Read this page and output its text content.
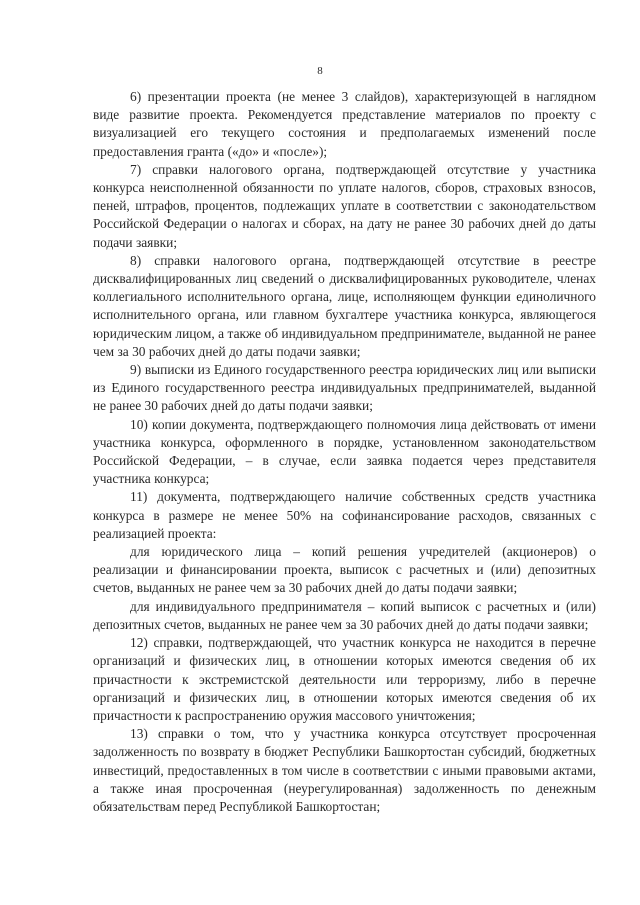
8

6) презентации проекта (не менее 3 слайдов), характеризующей в наглядном виде развитие проекта. Рекомендуется представление материалов по проекту с визуализацией его текущего состояния и предполагаемых изменений после предоставления гранта («до» и «после»);

7) справки налогового органа, подтверждающей отсутствие у участника конкурса неисполненной обязанности по уплате налогов, сборов, страховых взносов, пеней, штрафов, процентов, подлежащих уплате в соответствии с законодательством Российской Федерации о налогах и сборах, на дату не ранее 30 рабочих дней до даты подачи заявки;

8) справки налогового органа, подтверждающей отсутствие в реестре дисквалифицированных лиц сведений о дисквалифицированных руководителе, членах коллегиального исполнительного органа, лице, исполняющем функции единоличного исполнительного органа, или главном бухгалтере участника конкурса, являющегося юридическим лицом, а также об индивидуальном предпринимателе, выданной не ранее чем за 30 рабочих дней до даты подачи заявки;

9) выписки из Единого государственного реестра юридических лиц или выписки из Единого государственного реестра индивидуальных предпринимателей, выданной не ранее 30 рабочих дней до даты подачи заявки;

10) копии документа, подтверждающего полномочия лица действовать от имени участника конкурса, оформленного в порядке, установленном законодательством Российской Федерации, – в случае, если заявка подается через представителя участника конкурса;

11) документа, подтверждающего наличие собственных средств участника конкурса в размере не менее 50% на софинансирование расходов, связанных с реализацией проекта:

для юридического лица – копий решения учредителей (акционеров) о реализации и финансировании проекта, выписок с расчетных и (или) депозитных счетов, выданных не ранее чем за 30 рабочих дней до даты подачи заявки;

для индивидуального предпринимателя – копий выписок с расчетных и (или) депозитных счетов, выданных не ранее чем за 30 рабочих дней до даты подачи заявки;

12) справки, подтверждающей, что участник конкурса не находится в перечне организаций и физических лиц, в отношении которых имеются сведения об их причастности к экстремистской деятельности или терроризму, либо в перечне организаций и физических лиц, в отношении которых имеются сведения об их причастности к распространению оружия массового уничтожения;

13) справки о том, что у участника конкурса отсутствует просроченная задолженность по возврату в бюджет Республики Башкортостан субсидий, бюджетных инвестиций, предоставленных в том числе в соответствии с иными правовыми актами, а также иная просроченная (неурегулированная) задолженность по денежным обязательствам перед Республикой Башкортостан;
